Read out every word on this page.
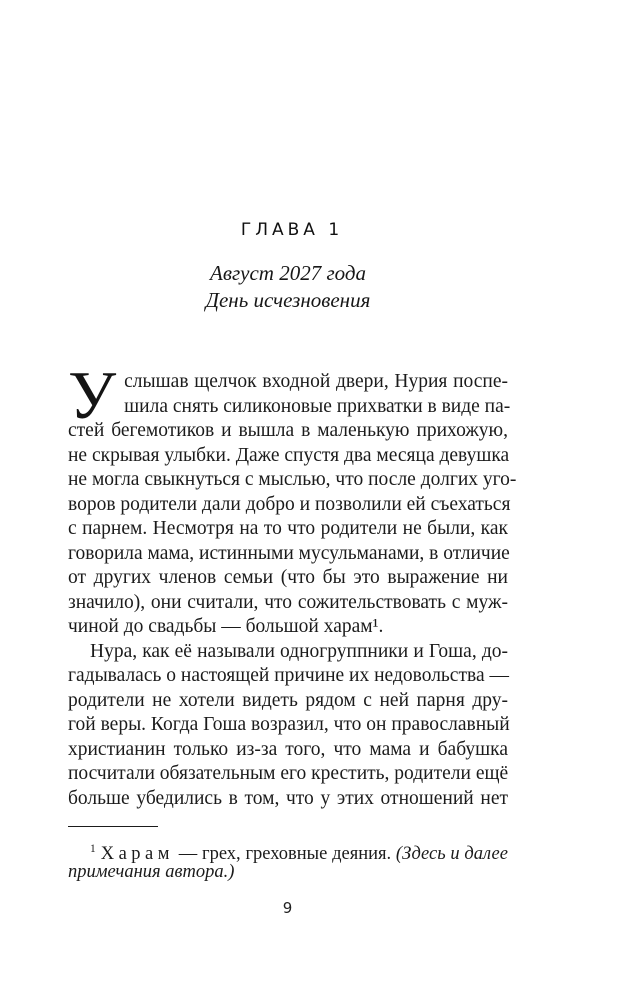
ГЛАВА 1
Август 2027 года
День исчезновения
У слышав щелчок входной двери, Нурия поспе-
шила снять силиконовые прихватки в виде па-
стей бегемотиков и вышла в маленькую прихожую,
не скрывая улыбки. Даже спустя два месяца девушка
не могла свыкнуться с мыслью, что после долгих уго-
воров родители дали добро и позволили ей съехаться
с парнем. Несмотря на то что родители не были, как
говорила мама, истинными мусульманами, в отличие
от других членов семьи (что бы это выражение ни
значило), они считали, что сожительствовать с муж-
чиной до свадьбы — большой харам¹.
Нура, как её называли одногруппники и Гоша, до-
гадывалась о настоящей причине их недовольства —
родители не хотели видеть рядом с ней парня дру-
гой веры. Когда Гоша возразил, что он православный
христианин только из-за того, что мама и бабушка
посчитали обязательным его крестить, родители ещё
больше убедились в том, что у этих отношений нет
$^1$ Харам — грех, греховные деяния. (Здесь и далее
примечания автора.)
9
